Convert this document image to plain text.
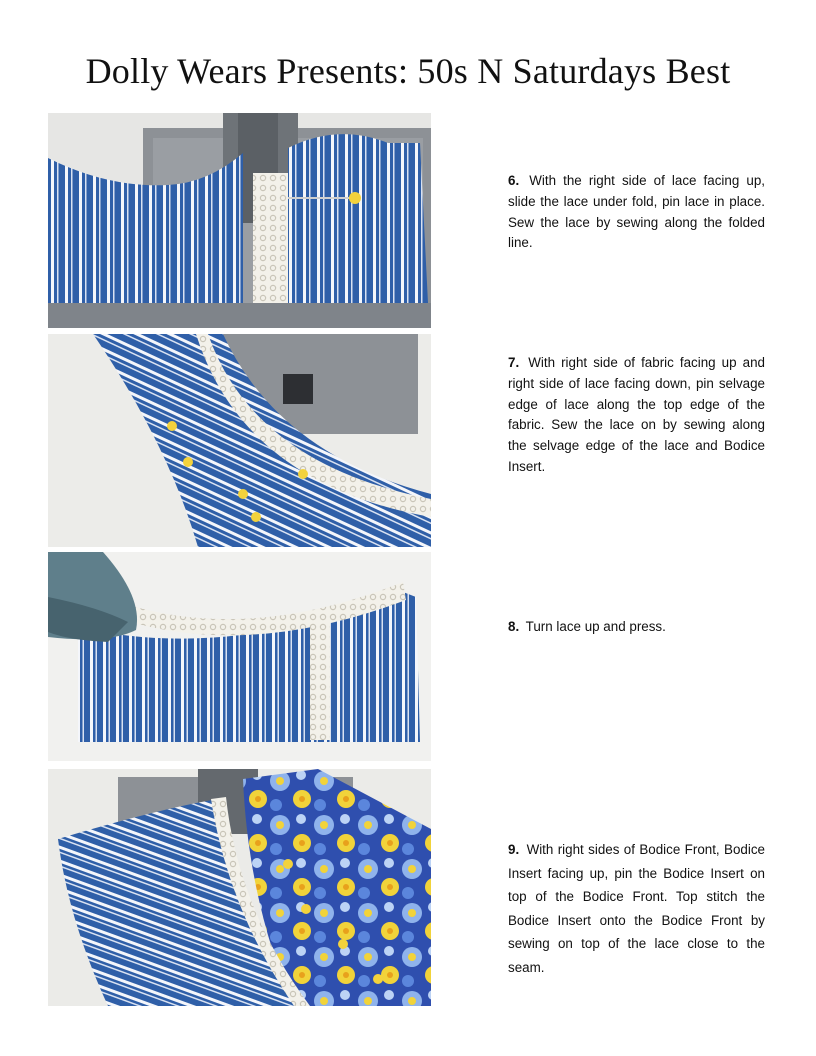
Dolly Wears Presents: 50s N Saturdays Best
6. With the right side of lace facing up, slide the lace under fold, pin lace in place. Sew the lace by sewing along the folded line.
7. With right side of fabric facing up and right side of lace facing down, pin selvage edge of lace along the top edge of the fabric. Sew the lace on by sewing along the selvage edge of the lace and Bodice Insert.
8. Turn lace up and press.
9. With right sides of Bodice Front, Bodice Insert facing up, pin the Bodice Insert on top of the Bodice Front. Top stitch the Bodice Insert onto the Bodice Front by sewing on top of the lace close to the seam.
